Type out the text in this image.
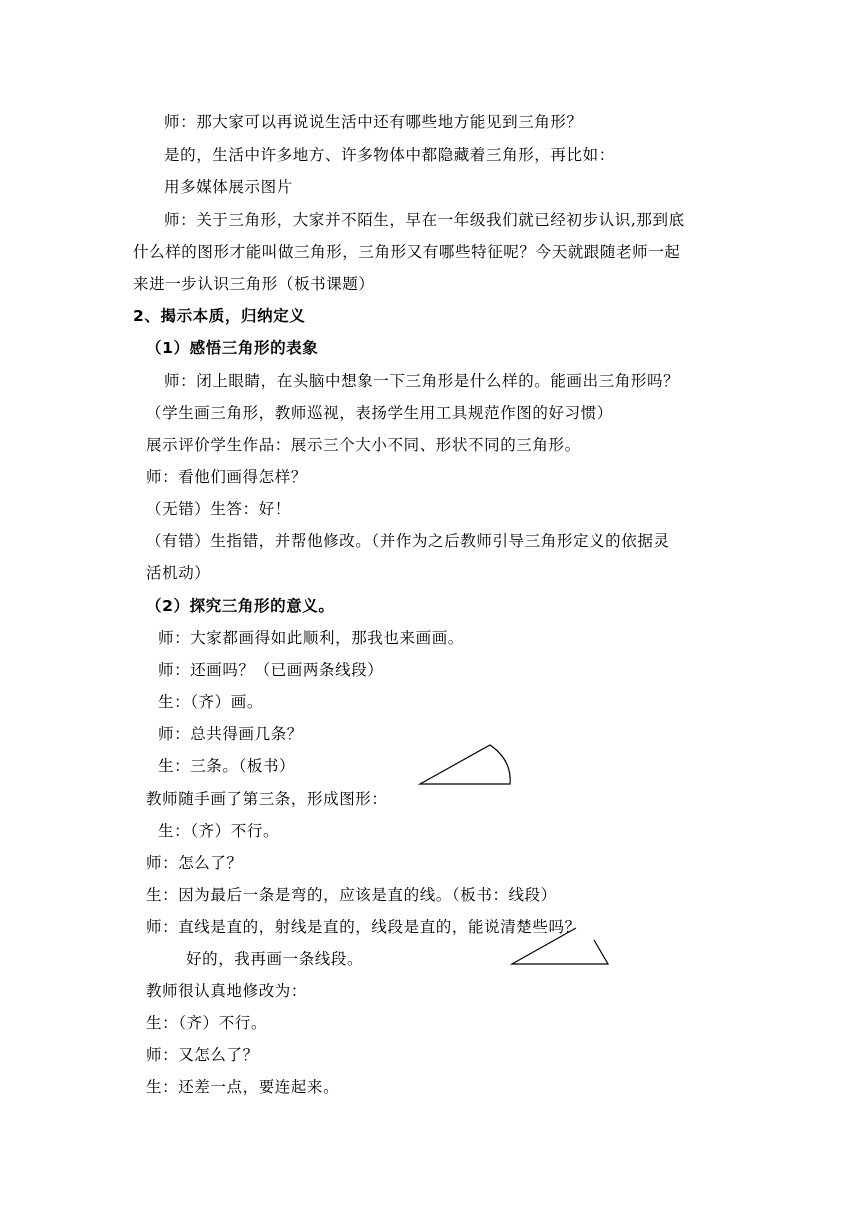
师：那大家可以再说说生活中还有哪些地方能见到三角形？
是的，生活中许多地方、许多物体中都隐藏着三角形，再比如：
用多媒体展示图片
师：关于三角形，大家并不陌生，早在一年级我们就已经初步认识,那到底
什么样的图形才能叫做三角形，三角形又有哪些特征呢？今天就跟随老师一起
来进一步认识三角形（板书课题）
2、揭示本质，归纳定义
（1）感悟三角形的表象
师：闭上眼睛，在头脑中想象一下三角形是什么样的。能画出三角形吗？
（学生画三角形，教师巡视，表扬学生用工具规范作图的好习惯）
展示评价学生作品：展示三个大小不同、形状不同的三角形。
师：看他们画得怎样？
（无错）生答：好！
（有错）生指错，并帮他修改。（并作为之后教师引导三角形定义的依据灵
活机动）
（2）探究三角形的意义。
师：大家都画得如此顺利，那我也来画画。
师：还画吗？（已画两条线段）
生：（齐）画。
师：总共得画几条？
生：三条。（板书）
教师随手画了第三条，形成图形：
生：（齐）不行。
师：怎么了？
生：因为最后一条是弯的，应该是直的线。（板书：线段）
师：直线是直的，射线是直的，线段是直的，能说清楚些吗？
好的，我再画一条线段。
教师很认真地修改为：
生：（齐）不行。
师：又怎么了？
生：还差一点，要连起来。
